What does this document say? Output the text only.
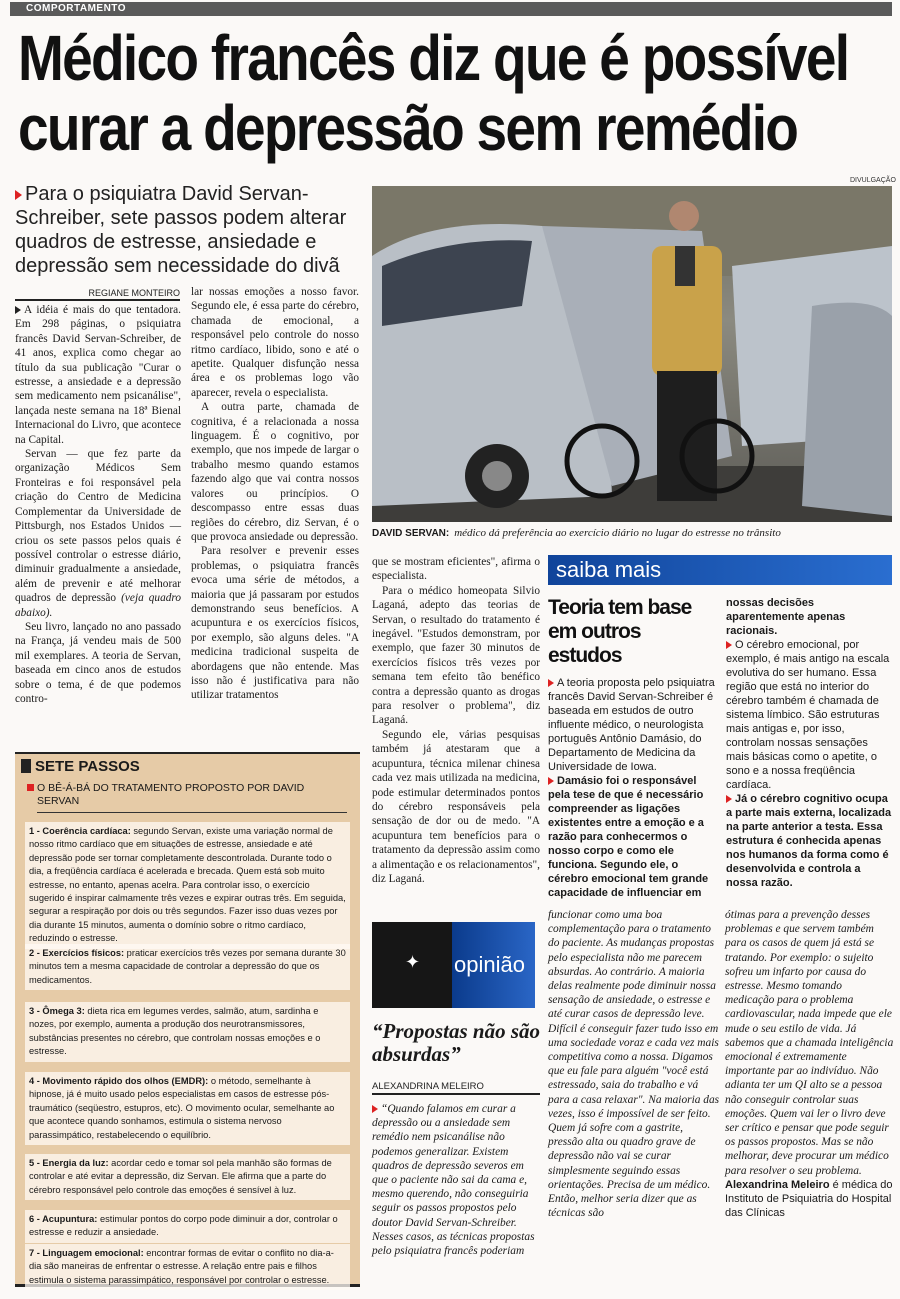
COMPORTAMENTO
Médico francês diz que é possível
curar a depressão sem remédio
Para o psiquiatra David Servan-Schreiber, sete passos podem alterar quadros de estresse, ansiedade e depressão sem necessidade do divã
REGIANE MONTEIRO

A idéia é mais do que tentadora. Em 298 páginas, o psiquiatra francês David Servan-Schreiber, de 41 anos, explica como chegar ao título da sua publicação "Curar o estresse, a ansiedade e a depressão sem medicamento nem psicanálise", lançada neste semana na 18ª Bienal Internacional do Livro, que acontece na Capital.

Servan — que fez parte da organização Médicos Sem Fronteiras e foi responsável pela criação do Centro de Medicina Complementar da Universidade de Pittsburgh, nos Estados Unidos — criou os sete passos pelos quais é possível controlar o estresse diário, diminuir gradualmente a ansiedade, além de prevenir e até melhorar quadros de depressão (veja quadro abaixo).

Seu livro, lançado no ano passado na França, já vendeu mais de 500 mil exemplares. A teoria de Servan, baseada em cinco anos de estudos sobre o tema, é de que podemos contro-

lar nossas emoções a nosso favor. Segundo ele, é essa parte do cérebro, chamada de emocional, a responsável pelo controle do nosso ritmo cardíaco, libido, sono e até o apetite. Qualquer disfunção nessa área e os problemas logo vão aparecer, revela o especialista.

A outra parte, chamada de cognitiva, é a relacionada a nossa linguagem. É o cognitivo, por exemplo, que nos impede de largar o trabalho mesmo quando estamos fazendo algo que vai contra nossos valores ou princípios. O descompasso entre essas duas regiões do cérebro, diz Servan, é o que provoca ansiedade ou depressão.

Para resolver e prevenir esses problemas, o psiquiatra francês evoca uma série de métodos, a maioria que já passaram por estudos demonstrando seus benefícios. A acupuntura e os exercícios físicos, por exemplo, são alguns deles. "A medicina tradicional suspeita de abordagens que não entende. Mas isso não é justificativa para não utilizar tratamentos

DIVULGAÇÃO
DAVID SERVAN: médico dá preferência ao exercício diário no lugar do estresse no trânsito

que se mostram eficientes", afirma o especialista.

Para o médico homeopata Silvio Laganá, adepto das teorias de Servan, o resultado do tratamento é inegável. "Estudos demonstram, por exemplo, que fazer 30 minutos de exercícios físicos três vezes por semana tem efeito tão benéfico contra a depressão quanto as drogas para resolver o problema", diz Laganá.

Segundo ele, várias pesquisas também já atestaram que a acupuntura, técnica milenar chinesa cada vez mais utilizada na medicina, pode estimular determinados pontos do cérebro responsáveis pela sensação de dor ou de medo. "A acupuntura tem benefícios para o tratamento da depressão assim como a alimentação e os relacionamentos", diz Laganá.

SETE PASSOS
O BÊ-Á-BÁ DO TRATAMENTO PROPOSTO POR DAVID SERVAN
1 - Coerência cardíaca: segundo Servan, existe uma variação normal de nosso ritmo cardíaco que em situações de estresse, ansiedade e até depressão pode ser tornar completamente descontrolada. Durante todo o dia, a freqüência cardíaca é acelerada e brecada. Quem está sob muito estresse, no entanto, apenas acelra. Para controlar isso, o exercício sugerido é inspirar calmamente três vezes e expirar outras três. Em seguida, segurar a respiração por dois ou três segundos. Fazer isso duas vezes por dia durante 15 minutos, aumenta o domínio sobre o ritmo cardíaco, reduzindo o estresse.
2 - Exercícios físicos: praticar exercícios três vezes por semana durante 30 minutos tem a mesma capacidade de controlar a depressão do que os medicamentos.
3 - Ômega 3: dieta rica em legumes verdes, salmão, atum, sardinha e nozes, por exemplo, aumenta a produção dos neurotransmissores, substâncias presentes no cérebro, que controlam nossas emoções e o estresse.
4 - Movimento rápido dos olhos (EMDR): o método, semelhante à hipnose, já é muito usado pelos especialistas em casos de estresse pós-traumático (seqüestro, estupros, etc). O movimento ocular, semelhante ao que acontece quando sonhamos, estimula o sistema nervoso parassimpático, restabelecendo o equilíbrio.
5 - Energia da luz: acordar cedo e tomar sol pela manhão são formas de controlar e até evitar a depressão, diz Servan. Ele afirma que a parte do cérebro responsável pelo controle das emoções é sensível à luz.
6 - Acupuntura: estimular pontos do corpo pode diminuir a dor, controlar o estresse e reduzir a ansiedade.
7 - Linguagem emocional: encontrar formas de evitar o conflito no dia-a-dia são maneiras de enfrentar o estresse. A relação entre pais e filhos estimula o sistema parassimpático, responsável por controlar o estresse.
saiba mais
Teoria tem base em outros estudos

A teoria proposta pelo psiquiatra francês David Servan-Schreiber é baseada em estudos de outro influente médico, o neurologista português Antônio Damásio, do Departamento de Medicina da Universidade de Iowa.

Damásio foi o responsável pela tese de que é necessário compreender as ligações existentes entre a emoção e a razão para conhecermos o nosso corpo e como ele funciona. Segundo ele, o cérebro emocional tem grande capacidade de influenciar em nossas decisões aparentemente apenas racionais.

O cérebro emocional, por exemplo, é mais antigo na escala evolutiva do ser humano. Essa região que está no interior do cérebro também é chamada de sistema límbico. São estruturas mais antigas e, por isso, controlam nossas sensações mais básicas como o apetite, o sono e a nossa freqüência cardíaca.

Já o cérebro cognitivo ocupa a parte mais externa, localizada na parte anterior a testa. Essa estrutura é conhecida apenas nos humanos da forma como é desenvolvida e controla a nossa razão.

funcionar como uma boa complementação para o tratamento do paciente. As mudanças propostas pelo especialista não me parecem absurdas. Ao contrário. A maioria delas realmente pode diminuir nossa sensação de ansiedade, o estresse e até curar casos de depressão leve. Difícil é conseguir fazer tudo isso em uma sociedade voraz e cada vez mais competitiva como a nossa. Digamos que eu fale para alguém "você está estressado, saia do trabalho e vá para a casa relaxar". Na maioria das vezes, isso é impossível de ser feito. Quem já sofre com a gastrite, pressão alta ou quadro grave de depressão não vai se curar simplesmente seguindo essas orientações. Precisa de um médico. Então, melhor seria dizer que as técnicas são
ótimas para a prevenção desses problemas e que servem também para os casos de quem já está se tratando. Por exemplo: o sujeito sofreu um infarto por causa do estresse. Mesmo tomando medicação para o problema cardiovascular, nada impede que ele mude o seu estilo de vida. Já sabemos que a chamada inteligência emocional é extremamente importante par ao indivíduo. Não adianta ter um QI alto se a pessoa não conseguir controlar suas emoções. Quem vai ler o livro deve ser crítico e pensar que pode seguir os passos propostos. Mas se não melhorar, deve procurar um médico para resolver o seu problema.
Alexandrina Meleiro é médica do Instituto de Psiquiatria do Hospital das Clínicas
✦ opinião
“Propostas não são absurdas”
ALEXANDRINA MELEIRO
“Quando falamos em curar a depressão ou a ansiedade sem remédio nem psicanálise não podemos generalizar. Existem quadros de depressão severos em que o paciente não sai da cama e, mesmo querendo, não conseguiria seguir os passos propostos pelo doutor David Servan-Schreiber. Nesses casos, as técnicas propostas pelo psiquiatra francês poderiam
